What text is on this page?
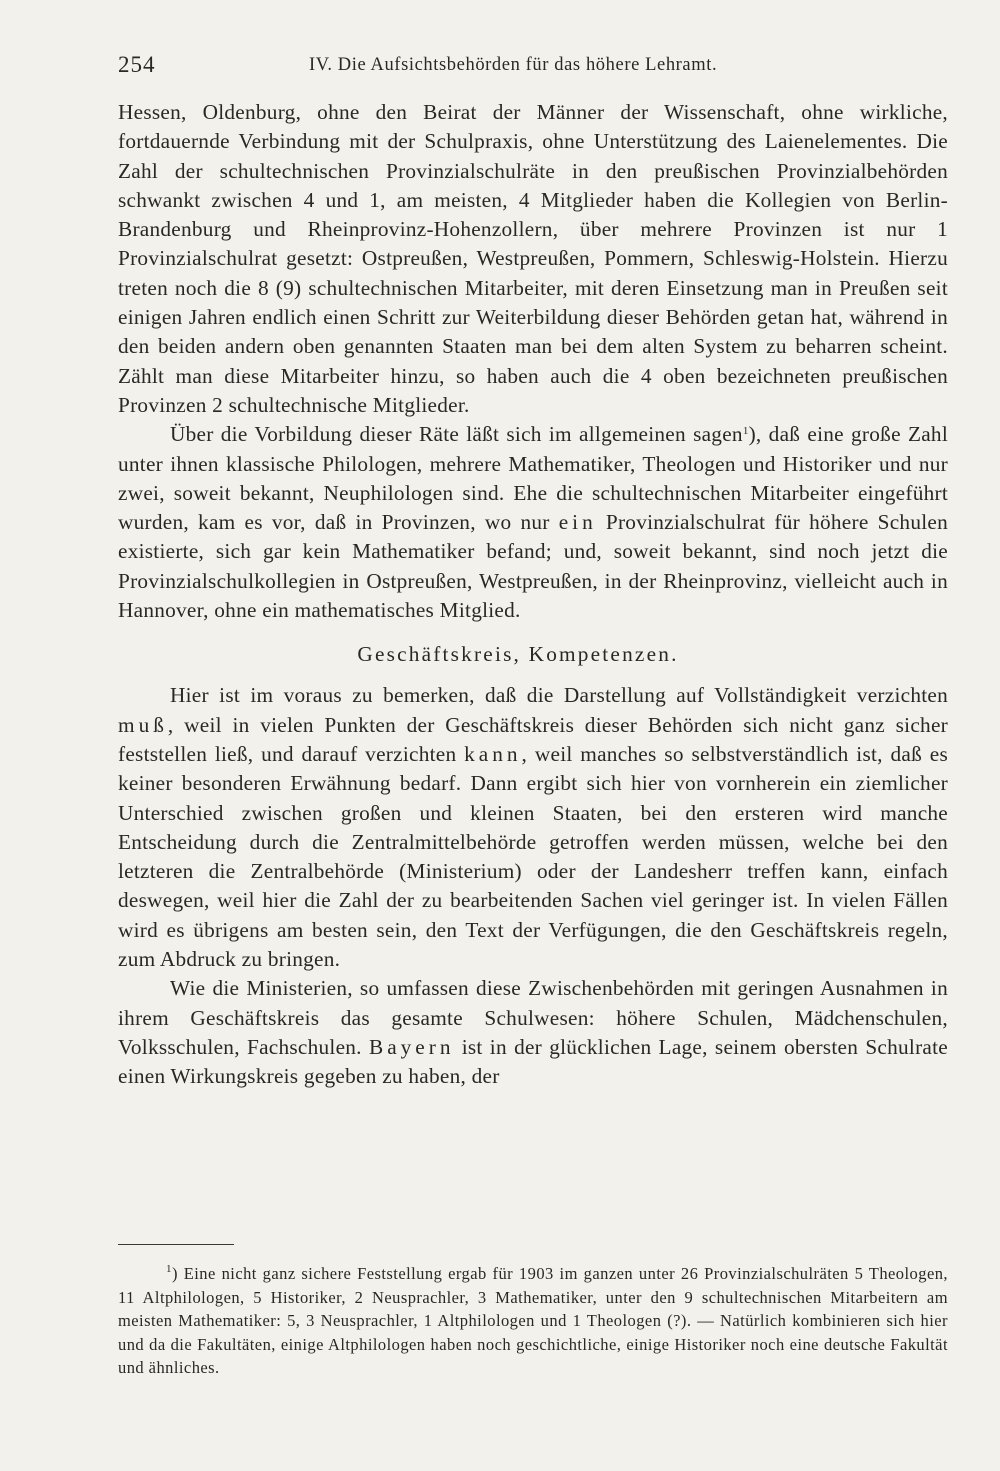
254	IV. Die Aufsichtsbehörden für das höhere Lehramt.

Hessen, Oldenburg, ohne den Beirat der Männer der Wissenschaft, ohne wirkliche, fortdauernde Verbindung mit der Schulpraxis, ohne Unterstützung des Laienelementes. Die Zahl der schultechnischen Provinzialschulräte in den preußischen Provinzialbehörden schwankt zwischen 4 und 1, am meisten, 4 Mitglieder haben die Kollegien von Berlin-Brandenburg und Rheinprovinz-Hohenzollern, über mehrere Provinzen ist nur 1 Provinzialschulrat gesetzt: Ostpreußen, Westpreußen, Pommern, Schleswig-Holstein. Hierzu treten noch die 8 (9) schultechnischen Mitarbeiter, mit deren Einsetzung man in Preußen seit einigen Jahren endlich einen Schritt zur Weiterbildung dieser Behörden getan hat, während in den beiden andern oben genannten Staaten man bei dem alten System zu beharren scheint. Zählt man diese Mitarbeiter hinzu, so haben auch die 4 oben bezeichneten preußischen Provinzen 2 schultechnische Mitglieder.

Über die Vorbildung dieser Räte läßt sich im allgemeinen sagen$^1$), daß eine große Zahl unter ihnen klassische Philologen, mehrere Mathematiker, Theologen und Historiker und nur zwei, soweit bekannt, Neuphilologen sind. Ehe die schultechnischen Mitarbeiter eingeführt wurden, kam es vor, daß in Provinzen, wo nur ein Provinzialschulrat für höhere Schulen existierte, sich gar kein Mathematiker befand; und, soweit bekannt, sind noch jetzt die Provinzialschulkollegien in Ostpreußen, Westpreußen, in der Rheinprovinz, vielleicht auch in Hannover, ohne ein mathematisches Mitglied.

Geschäftskreis, Kompetenzen.

Hier ist im voraus zu bemerken, daß die Darstellung auf Vollständigkeit verzichten muß, weil in vielen Punkten der Geschäftskreis dieser Behörden sich nicht ganz sicher feststellen ließ, und darauf verzichten kann, weil manches so selbstverständlich ist, daß es keiner besonderen Erwähnung bedarf. Dann ergibt sich hier von vornherein ein ziemlicher Unterschied zwischen großen und kleinen Staaten, bei den ersteren wird manche Entscheidung durch die Zentralmittelbehörde getroffen werden müssen, welche bei den letzteren die Zentralbehörde (Ministerium) oder der Landesherr treffen kann, einfach deswegen, weil hier die Zahl der zu bearbeitenden Sachen viel geringer ist. In vielen Fällen wird es übrigens am besten sein, den Text der Verfügungen, die den Geschäftskreis regeln, zum Abdruck zu bringen.

Wie die Ministerien, so umfassen diese Zwischenbehörden mit geringen Ausnahmen in ihrem Geschäftskreis das gesamte Schulwesen: höhere Schulen, Mädchenschulen, Volksschulen, Fachschulen. Bayern ist in der glücklichen Lage, seinem obersten Schulrate einen Wirkungskreis gegeben zu haben, der

$^1$) Eine nicht ganz sichere Feststellung ergab für 1903 im ganzen unter 26 Provinzialschulräten 5 Theologen, 11 Altphilologen, 5 Historiker, 2 Neusprachler, 3 Mathematiker, unter den 9 schultechnischen Mitarbeitern am meisten Mathematiker: 5, 3 Neusprachler, 1 Altphilologen und 1 Theologen (?). — Natürlich kombinieren sich hier und da die Fakultäten, einige Altphilologen haben noch geschichtliche, einige Historiker noch eine deutsche Fakultät und ähnliches.
